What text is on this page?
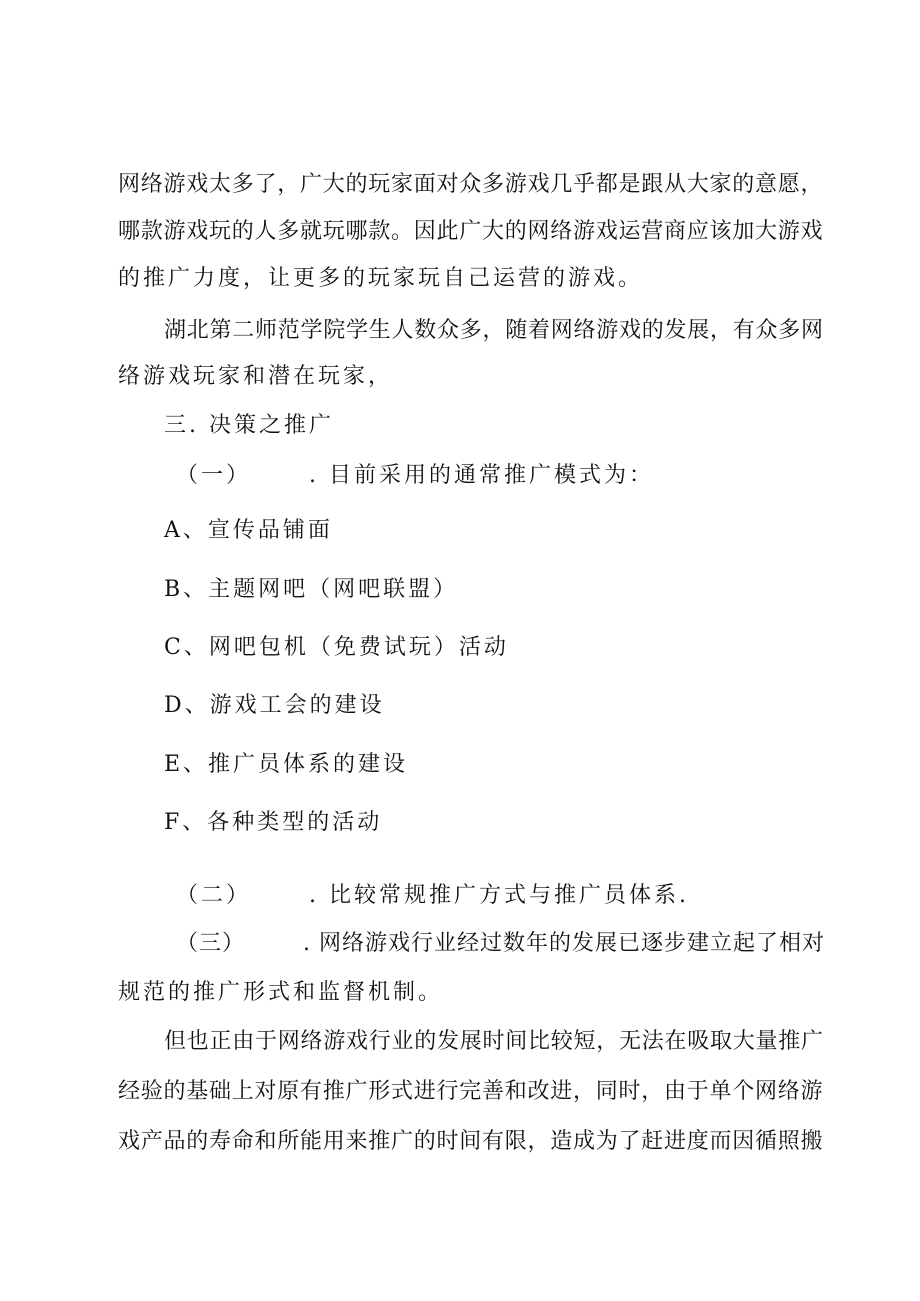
网络游戏太多了，广大的玩家面对众多游戏几乎都是跟从大家的意愿，

哪款游戏玩的人多就玩哪款。因此广大的网络游戏运营商应该加大游戏

的推广力度，让更多的玩家玩自己运营的游戏。

湖北第二师范学院学生人数众多，随着网络游戏的发展，有众多网

络游戏玩家和潜在玩家，

三. 决策之推广

（一）	. 目前采用的通常推广模式为：

A、宣传品铺面

B、主题网吧（网吧联盟）

C、网吧包机（免费试玩）活动

D、游戏工会的建设

E、推广员体系的建设

F、各种类型的活动

（二）	. 比较常规推广方式与推广员体系.

（三）	. 网络游戏行业经过数年的发展已逐步建立起了相对

规范的推广形式和监督机制。

但也正由于网络游戏行业的发展时间比较短，无法在吸取大量推广

经验的基础上对原有推广形式进行完善和改进，同时，由于单个网络游

戏产品的寿命和所能用来推广的时间有限，造成为了赶进度而因循照搬
